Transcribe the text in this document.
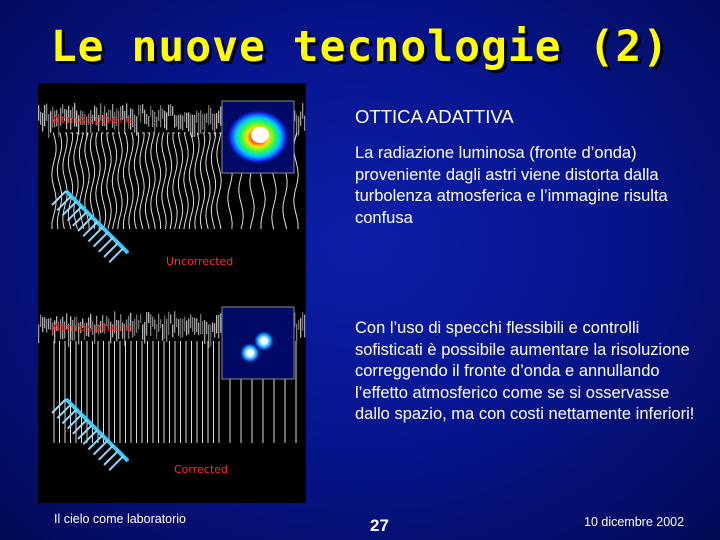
Le nuove tecnologie (2)
Atmosphere
Uncorrected
Atmosphere
Corrected
OTTICA ADATTIVA
La radiazione luminosa (fronte d’onda) proveniente dagli astri viene distorta dalla turbolenza atmosferica e l’immagine risulta confusa
Con l’uso di specchi flessibili e controlli sofisticati è possibile aumentare la risoluzione correggendo il fronte d’onda e annullando l’effetto atmosferico come se si osservasse dallo spazio, ma con costi nettamente inferiori!
Il cielo come laboratorio	27	10 dicembre 2002
